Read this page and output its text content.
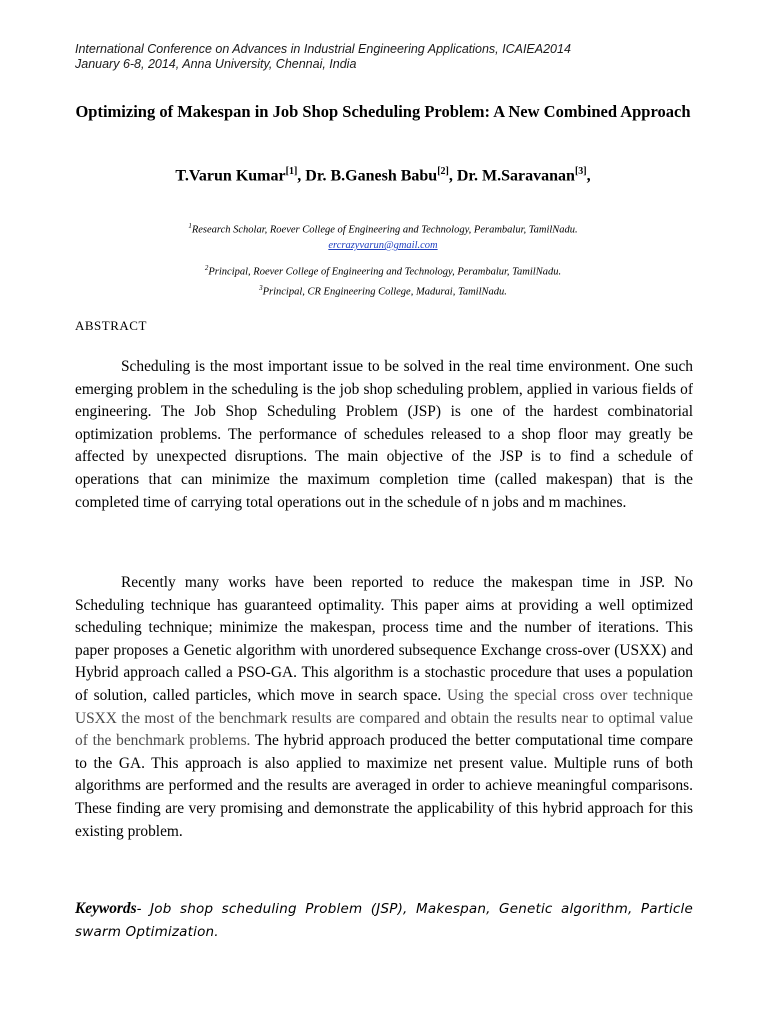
International Conference on Advances in Industrial Engineering Applications, ICAIEA2014
January 6-8, 2014, Anna University, Chennai, India
Optimizing of Makespan in Job Shop Scheduling Problem: A New Combined Approach
T.Varun Kumar[1], Dr. B.Ganesh Babu[2], Dr. M.Saravanan[3],
$^1$Research Scholar, Roever College of Engineering and Technology, Perambalur, TamilNadu.
ercrazyvarun@gmail.com
$^2$Principal, Roever College of Engineering and Technology, Perambalur, TamilNadu.
$^3$Principal, CR Engineering College, Madurai, TamilNadu.
ABSTRACT
Scheduling is the most important issue to be solved in the real time environment. One such emerging problem in the scheduling is the job shop scheduling problem, applied in various fields of engineering. The Job Shop Scheduling Problem (JSP) is one of the hardest combinatorial optimization problems. The performance of schedules released to a shop floor may greatly be affected by unexpected disruptions. The main objective of the JSP is to find a schedule of operations that can minimize the maximum completion time (called makespan) that is the completed time of carrying total operations out in the schedule of n jobs and m machines.
Recently many works have been reported to reduce the makespan time in JSP. No Scheduling technique has guaranteed optimality. This paper aims at providing a well optimized scheduling technique; minimize the makespan, process time and the number of iterations. This paper proposes a Genetic algorithm with unordered subsequence Exchange cross-over (USXX) and Hybrid approach called a PSO-GA. This algorithm is a stochastic procedure that uses a population of solution, called particles, which move in search space. Using the special cross over technique USXX the most of the benchmark results are compared and obtain the results near to optimal value of the benchmark problems. The hybrid approach produced the better computational time compare to the GA. This approach is also applied to maximize net present value. Multiple runs of both algorithms are performed and the results are averaged in order to achieve meaningful comparisons. These finding are very promising and demonstrate the applicability of this hybrid approach for this existing problem.
Keywords- Job shop scheduling Problem (JSP), Makespan, Genetic algorithm, Particle swarm Optimization.
